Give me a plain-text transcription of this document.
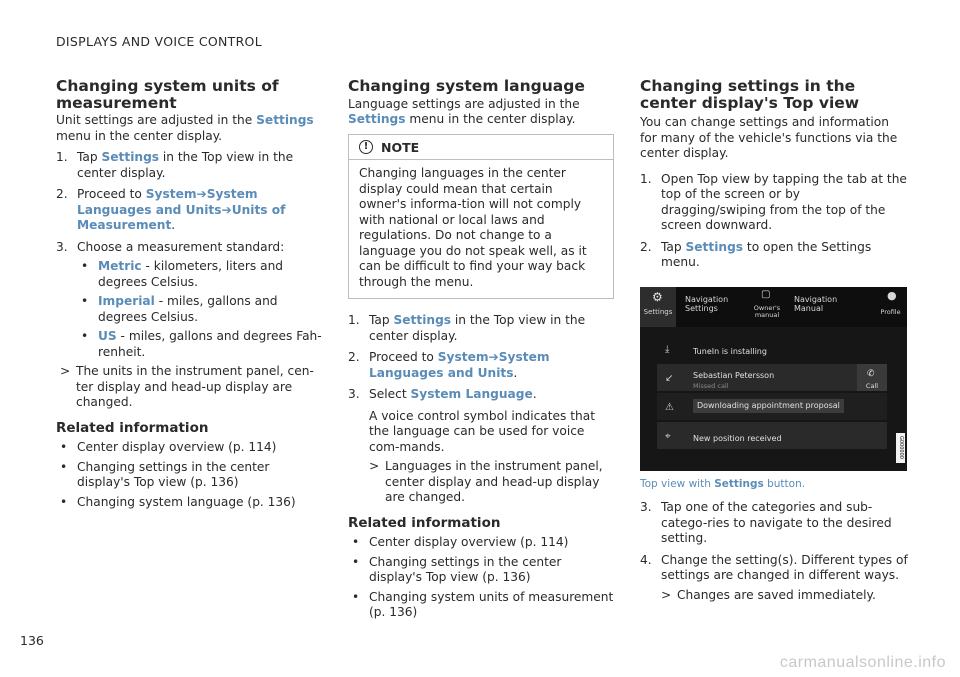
DISPLAYS AND VOICE CONTROL
Changing system units of measurement

Unit settings are adjusted in the Settings menu in the center display.

1. Tap Settings in the Top view in the center display.
2. Proceed to System➔System Languages and Units➔Units of Measurement.
3. Choose a measurement standard:
• Metric - kilometers, liters and degrees Celsius.
• Imperial - miles, gallons and degrees Celsius.
• US - miles, gallons and degrees Fah-renheit.
> The units in the instrument panel, cen-ter display and head-up display are changed.
Related information
• Center display overview (p. 114)
• Changing settings in the center display's Top view (p. 136)
• Changing system language (p. 136)
Changing system language

Language settings are adjusted in the Settings menu in the center display.

!	NOTE
Changing languages in the center display could mean that certain owner's informa-tion will not comply with national or local laws and regulations. Do not change to a language you do not speak well, as it can be difficult to find your way back through the menu.
1. Tap Settings in the Top view in the center display.
2. Proceed to System➔System Languages and Units.
3. Select System Language.

A voice control symbol indicates that the language can be used for voice com-mands.

> Languages in the instrument panel, center display and head-up display are changed.
Related information
• Center display overview (p. 114)
• Changing settings in the center display's Top view (p. 136)
• Changing system units of measurement (p. 136)
Changing settings in the center display's Top view

You can change settings and information for many of the vehicle's functions via the center display.

1. Open Top view by tapping the tab at the top of the screen or by dragging/swiping from the top of the screen downward.
2. Tap Settings to open the Settings menu.
⚙
Settings
Navigation
Settings
▢
Owner's
manual
Navigation
Manual
●
Profile
⤓	TuneIn is installing
↙ Sebastian Petersson
Missed call
✆
Call
⚠	Downloading appointment proposal
⌖	New position received	G000000
Top view with Settings button.
3. Tap one of the categories and sub-catego-ries to navigate to the desired setting.
4. Change the setting(s). Different types of settings are changed in different ways.
> Changes are saved immediately.
136
carmanualsonline.info
